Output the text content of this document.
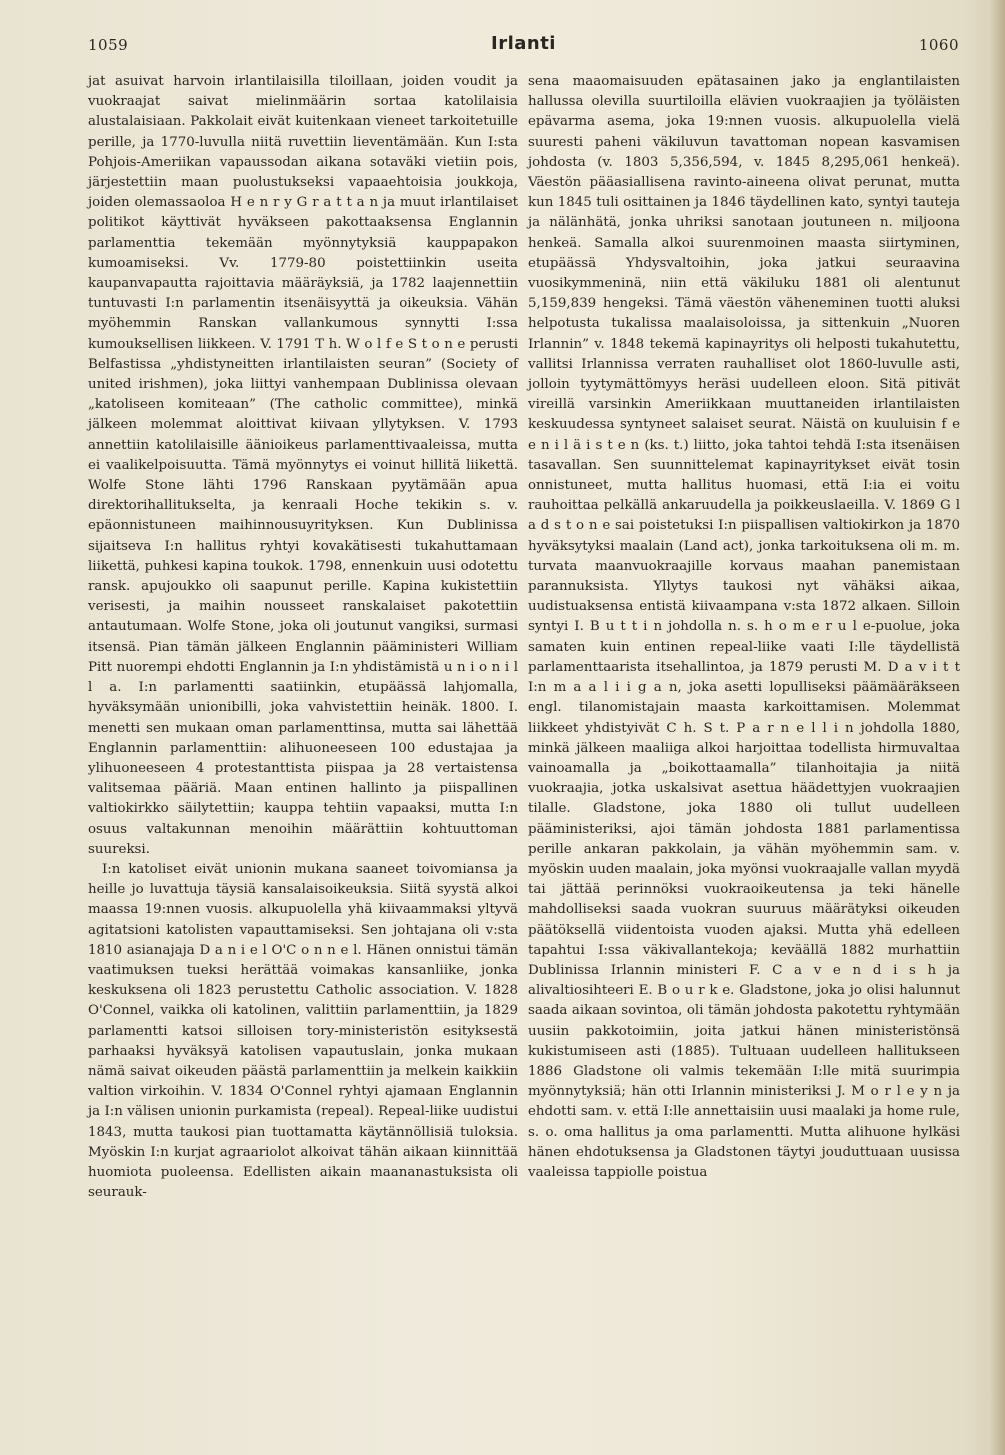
1059	Irlanti	1060

jat asuivat harvoin irlantilaisilla tiloillaan, joiden voudit ja vuokraajat saivat mielinmäärin sortaa katolilaisia alustalaisiaan. Pakkolait eivät kuitenkaan vieneet tarkoitetuille perille, ja 1770-luvulla niitä ruvettiin lieventämään. Kun I:sta Pohjois-Ameriikan vapaussodan aikana sotaväki vietiin pois, järjestettiin maan puolustukseksi vapaaehtoisia joukkoja, joiden olemassaoloa H e n r y G r a t t a n ja muut irlantilaiset politikot käyttivät hyväkseen pakottaaksensa Englannin parlamenttia tekemään myönnytyksiä kauppapakon kumoamiseksi. Vv. 1779-80 poistettiinkin useita kaupanvapautta rajoittavia määräyksiä, ja 1782 laajennettiin tuntuvasti I:n parlamentin itsenäisyyttä ja oikeuksia. Vähän myöhemmin Ranskan vallankumous synnytti I:ssa kumouksellisen liikkeen. V. 1791 T h. W o l f e S t o n e perusti Belfastissa „yhdistyneitten irlantilaisten seuran” (Society of united irishmen), joka liittyi vanhempaan Dublinissa olevaan „katoliseen komiteaan” (The catholic committee), minkä jälkeen molemmat aloittivat kiivaan yllytyksen. V. 1793 annettiin katolilaisille äänioikeus parlamenttivaaleissa, mutta ei vaalikelpoisuutta. Tämä myönnytys ei voinut hillitä liikettä. Wolfe Stone lähti 1796 Ranskaan pyytämään apua direktorihallitukselta, ja kenraali Hoche tekikin s. v. epäonnistuneen maihinnousuyrityksen. Kun Dublinissa sijaitseva I:n hallitus ryhtyi kovakätisesti tukahuttamaan liikettä, puhkesi kapina toukok. 1798, ennenkuin uusi odotettu ransk. apujoukko oli saapunut perille. Kapina kukistettiin verisesti, ja maihin nousseet ranskalaiset pakotettiin antautumaan. Wolfe Stone, joka oli joutunut vangiksi, surmasi itsensä. Pian tämän jälkeen Englannin pääministeri William Pitt nuorempi ehdotti Englannin ja I:n yhdistämistä u n i o n i l l a. I:n parlamentti saatiinkin, etupäässä lahjomalla, hyväksymään unionibilli, joka vahvistettiin heinäk. 1800. I. menetti sen mukaan oman parlamenttinsa, mutta sai lähettää Englannin parlamenttiin: alihuoneeseen 100 edustajaa ja ylihuoneeseen 4 protestanttista piispaa ja 28 vertaistensa valitsemaa pääriä. Maan entinen hallinto ja piispallinen valtiokirkko säilytettiin; kauppa tehtiin vapaaksi, mutta I:n osuus valtakunnan menoihin määrättiin kohtuuttoman suureksi.

I:n katoliset eivät unionin mukana saaneet toivomiansa ja heille jo luvattuja täysiä kansalaisoikeuksia. Siitä syystä alkoi maassa 19:nnen vuosis. alkupuolella yhä kiivaammaksi yltyvä agitatsioni katolisten vapauttamiseksi. Sen johtajana oli v:sta 1810 asianajaja D a n i e l O'C o n n e l. Hänen onnistui tämän vaatimuksen tueksi herättää voimakas kansanliike, jonka keskuksena oli 1823 perustettu Catholic association. V. 1828 O'Connel, vaikka oli katolinen, valittiin parlamenttiin, ja 1829 parlamentti katsoi silloisen tory-ministeristön esityksestä parhaaksi hyväksyä katolisen vapautuslain, jonka mukaan nämä saivat oikeuden päästä parlamenttiin ja melkein kaikkiin valtion virkoihin. V. 1834 O'Connel ryhtyi ajamaan Englannin ja I:n välisen unionin purkamista (repeal). Repeal-liike uudistui 1843, mutta taukosi pian tuottamatta käytännöllisiä tuloksia. Myöskin I:n kurjat agraariolot alkoivat tähän aikaan kiinnittää huomiota puoleensa. Edellisten aikain maananastuksista oli seurauk-

sena maaomaisuuden epätasainen jako ja englantilaisten hallussa olevilla suurtiloilla elävien vuokraajien ja työläisten epävarma asema, joka 19:nnen vuosis. alkupuolella vielä suuresti paheni väkiluvun tavattoman nopean kasvamisen johdosta (v. 1803 5,356,594, v. 1845 8,295,061 henkeä). Väestön pääasiallisena ravinto-aineena olivat perunat, mutta kun 1845 tuli osittainen ja 1846 täydellinen kato, syntyi tauteja ja nälänhätä, jonka uhriksi sanotaan joutuneen n. miljoona henkeä. Samalla alkoi suurenmoinen maasta siirtyminen, etupäässä Yhdysvaltoihin, joka jatkui seuraavina vuosikymmeninä, niin että väkiluku 1881 oli alentunut 5,159,839 hengeksi. Tämä väestön väheneminen tuotti aluksi helpotusta tukalissa maalaisoloissa, ja sittenkuin „Nuoren Irlannin” v. 1848 tekemä kapinayritys oli helposti tukahutettu, vallitsi Irlannissa verraten rauhalliset olot 1860-luvulle asti, jolloin tyytymättömyys heräsi uudelleen eloon. Sitä pitivät vireillä varsinkin Ameriikkaan muuttaneiden irlantilaisten keskuudessa syntyneet salaiset seurat. Näistä on kuuluisin f e e n i l ä i s t e n (ks. t.) liitto, joka tahtoi tehdä I:sta itsenäisen tasavallan. Sen suunnittelemat kapinayritykset eivät tosin onnistuneet, mutta hallitus huomasi, että I:ia ei voitu rauhoittaa pelkällä ankaruudella ja poikkeuslaeilla. V. 1869 G l a d s t o n e sai poistetuksi I:n piispallisen valtiokirkon ja 1870 hyväksytyksi maalain (Land act), jonka tarkoituksena oli m. m. turvata maanvuokraajille korvaus maahan panemistaan parannuksista. Yllytys taukosi nyt vähäksi aikaa, uudistuaksensa entistä kiivaampana v:sta 1872 alkaen. Silloin syntyi I. B u t t i n johdolla n. s. h o m e r u l e-puolue, joka samaten kuin entinen repeal-liike vaati I:lle täydellistä parlamenttaarista itsehallintoa, ja 1879 perusti M. D a v i t t I:n m a a l i i g a n, joka asetti lopulliseksi päämääräkseen engl. tilanomistajain maasta karkoittamisen. Molemmat liikkeet yhdistyivät C h. S t. P a r n e l l i n johdolla 1880, minkä jälkeen maaliiga alkoi harjoittaa todellista hirmuvaltaa vainoamalla ja „boikottaamalla” tilanhoitajia ja niitä vuokraajia, jotka uskalsivat asettua häädettyjen vuokraajien tilalle. Gladstone, joka 1880 oli tullut uudelleen pääministeriksi, ajoi tämän johdosta 1881 parlamentissa perille ankaran pakkolain, ja vähän myöhemmin sam. v. myöskin uuden maalain, joka myönsi vuokraajalle vallan myydä tai jättää perinnöksi vuokraoikeutensa ja teki hänelle mahdolliseksi saada vuokran suuruus määrätyksi oikeuden päätöksellä viidentoista vuoden ajaksi. Mutta yhä edelleen tapahtui I:ssa väkivallantekoja; keväällä 1882 murhattiin Dublinissa Irlannin ministeri F. C a v e n d i s h ja alivaltiosihteeri E. B o u r k e. Gladstone, joka jo olisi halunnut saada aikaan sovintoa, oli tämän johdosta pakotettu ryhtymään uusiin pakkotoimiin, joita jatkui hänen ministeristönsä kukistumiseen asti (1885). Tultuaan uudelleen hallitukseen 1886 Gladstone oli valmis tekemään I:lle mitä suurimpia myönnytyksiä; hän otti Irlannin ministeriksi J. M o r l e y n ja ehdotti sam. v. että I:lle annettaisiin uusi maalaki ja home rule, s. o. oma hallitus ja oma parlamentti. Mutta alihuone hylkäsi hänen ehdotuksensa ja Gladstonen täytyi jouduttuaan uusissa vaaleissa tappiolle poistua
